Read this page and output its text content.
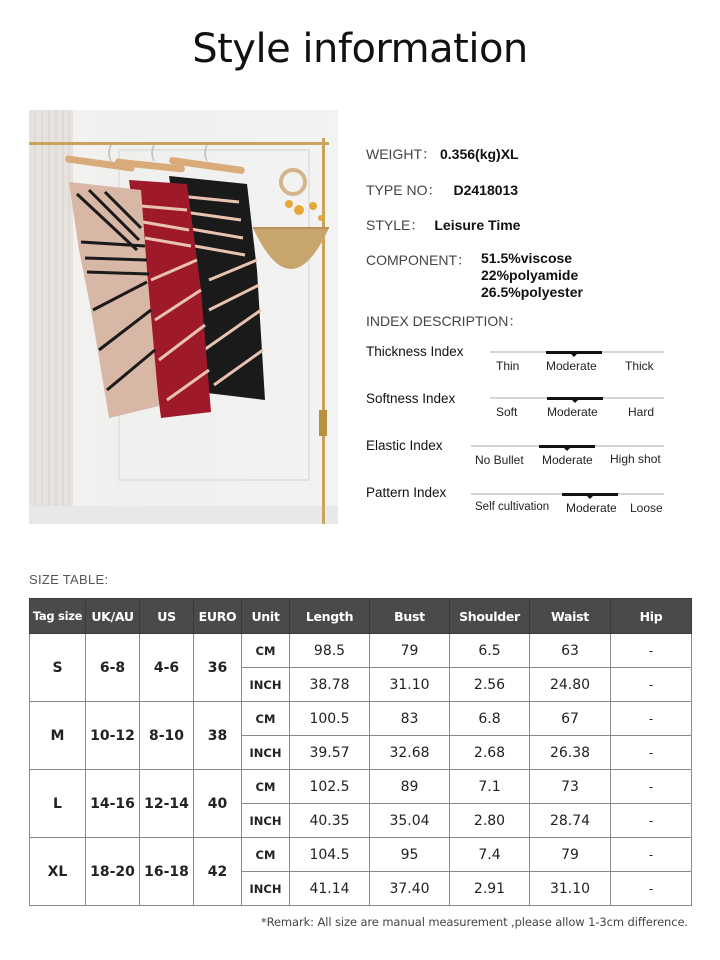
Style information
WEIGHT： 0.356(kg)XL
TYPE NO： D2418013
STYLE： Leisure Time
COMPONENT： 51.5%viscose
22%polyamide
26.5%polyester
INDEX DESCRIPTION：
Thickness Index
Thin Moderate Thick
Softness Index
Soft Moderate	Hard
Elastic Index
No Bullet Moderate High shot
Pattern Index
Self cultivation Moderate Loose
SIZE TABLE:
Tag size	UK/AU	US	EURO	Unit	Length	Bust	Shoulder	Waist	Hip
S	6-8	4-6	36	CM	98.5	79	6.5	63	-
				INCH	38.78	31.10	2.56	24.80	-
M	10-12	8-10	38	CM	100.5	83	6.8	67	-
				INCH	39.57	32.68	2.68	26.38	-
L	14-16	12-14	40	CM	102.5	89	7.1	73	-
				INCH	40.35	35.04	2.80	28.74	-
XL	18-20	16-18	42	CM	104.5	95	7.4	79	-
				INCH	41.14	37.40	2.91	31.10	-
*Remark: All size are manual measurement ,please allow 1-3cm difference.
